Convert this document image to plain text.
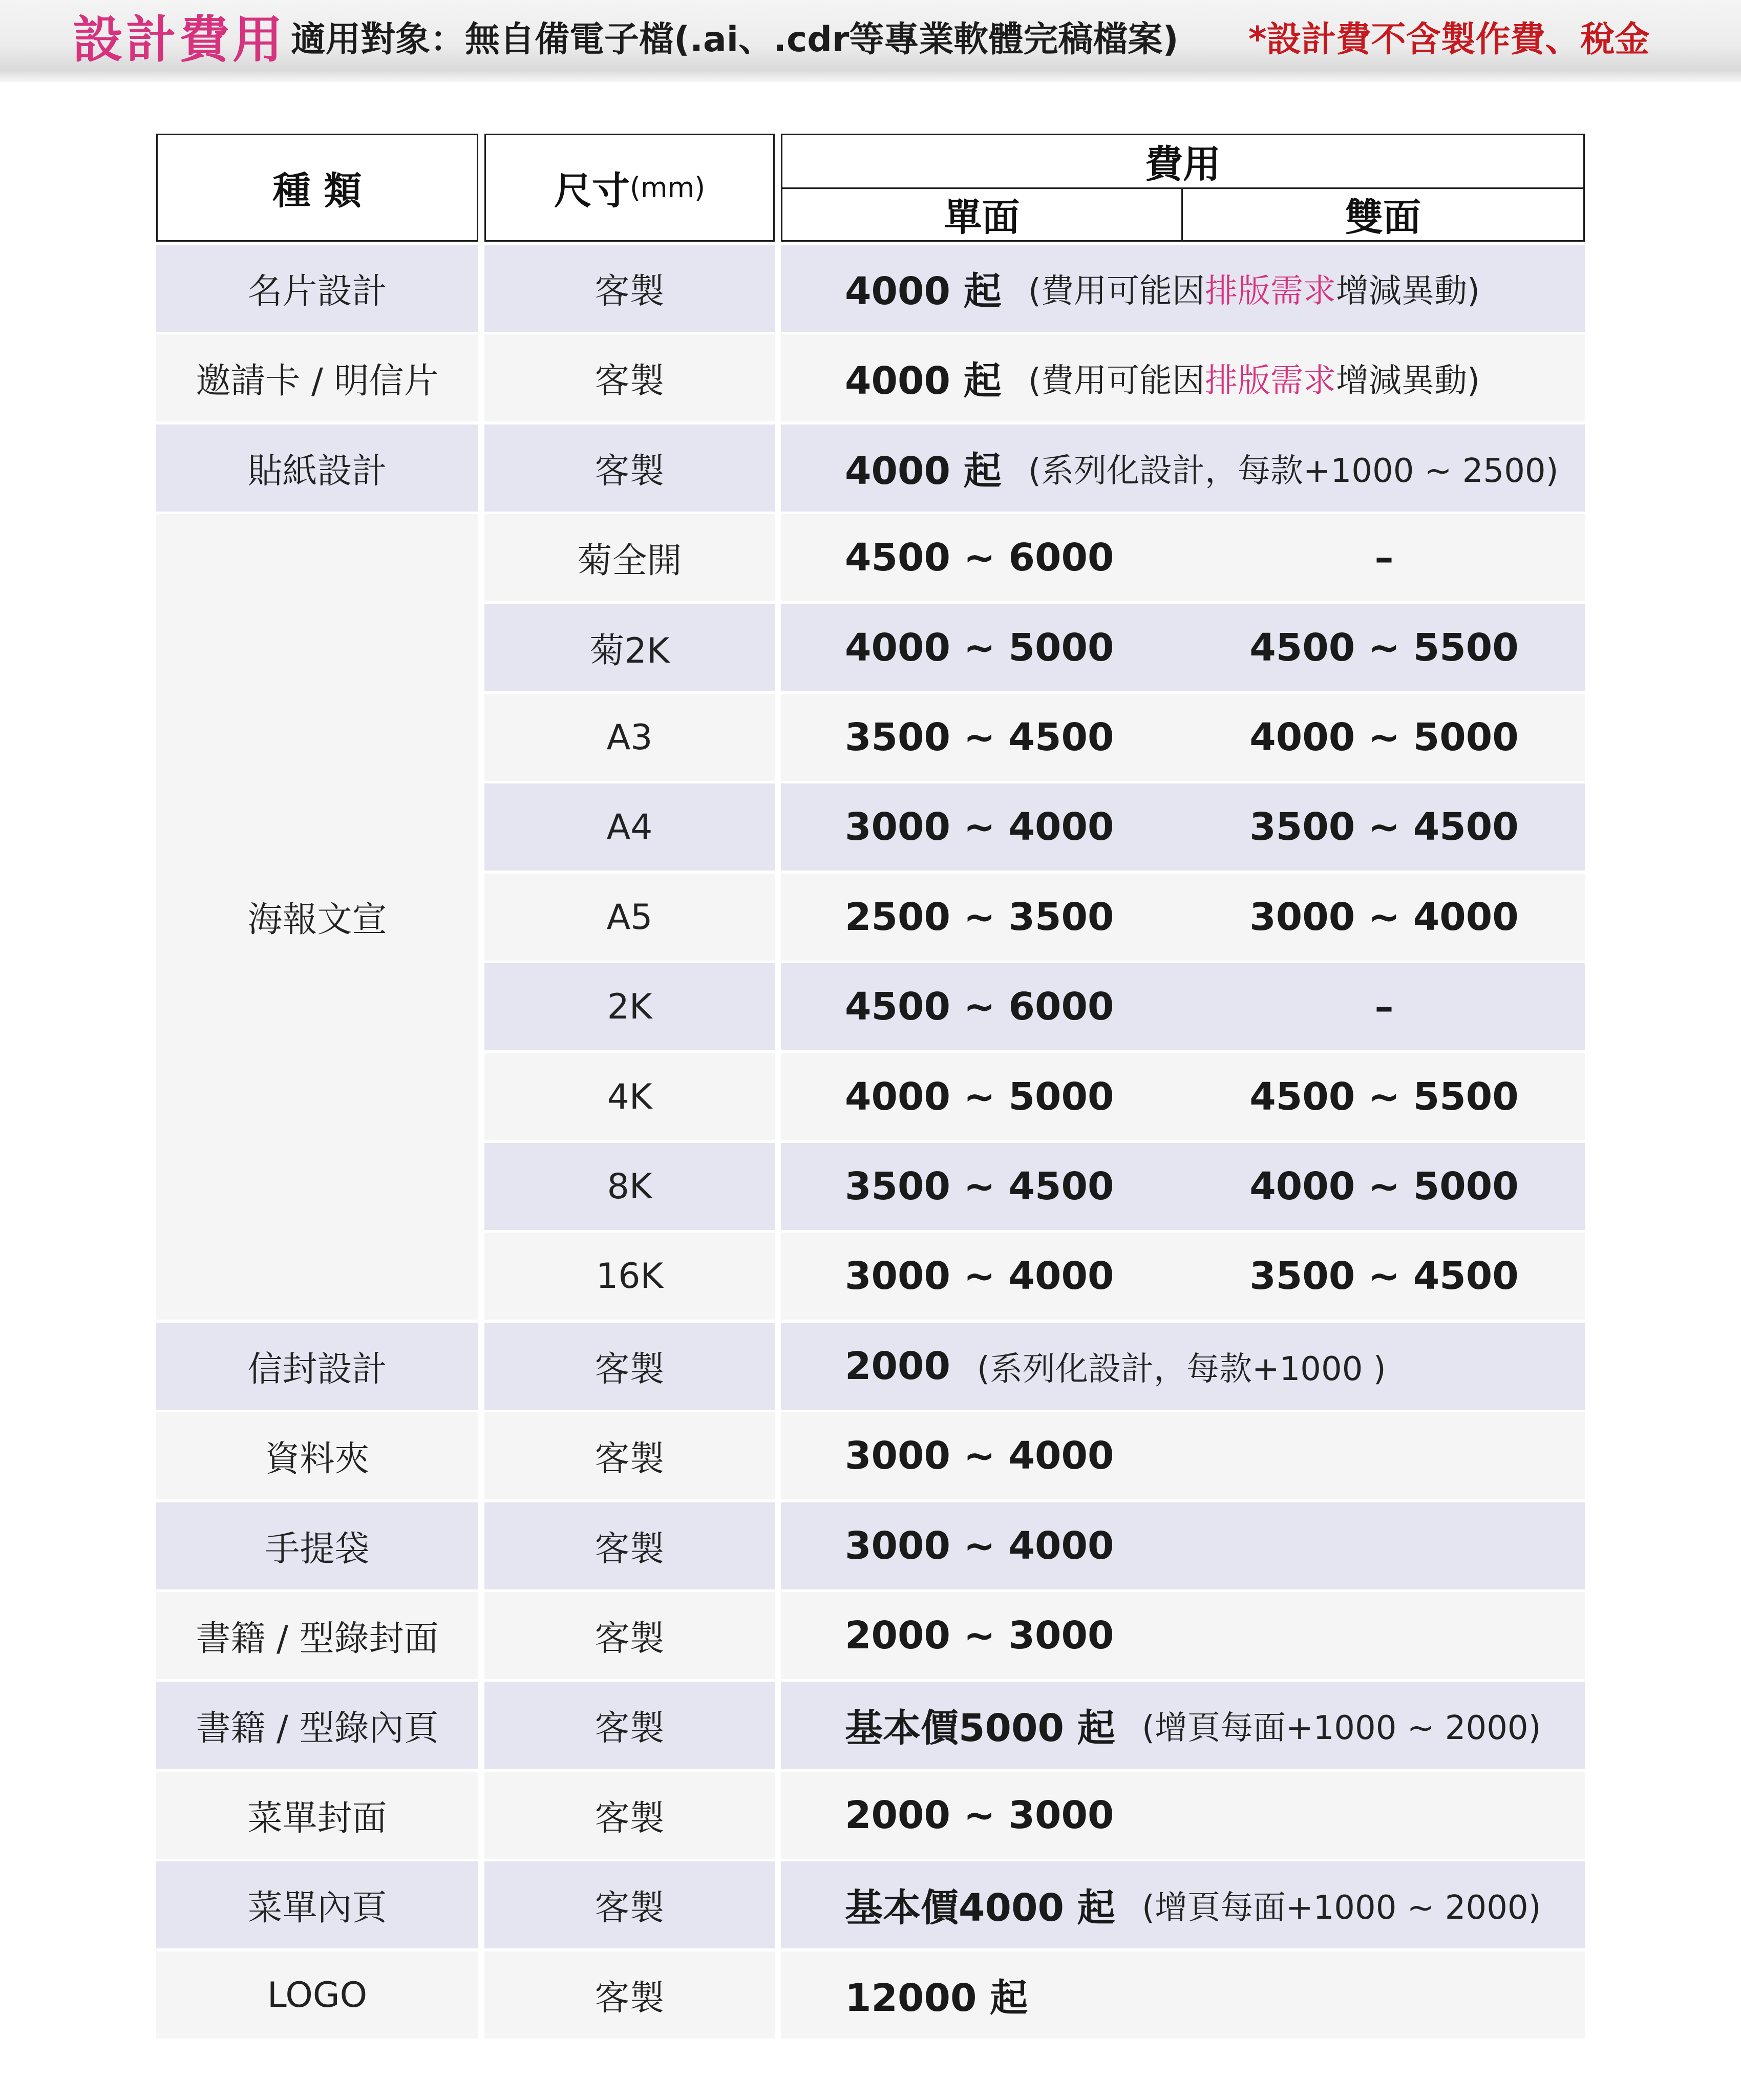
設計費用 適用對象：無自備電子檔(.ai、.cdr等專業軟體完稿檔案) *設計費不含製作費、稅金
種 類	尺寸 (mm)
費用
單面	雙面
名片設計	客製	4000 起 (費用可能因排版需求增減異動)
邀請卡 / 明信片	客製	4000 起 (費用可能因排版需求增減異動)
貼紙設計	客製	4000 起 (系列化設計，每款+1000 ~ 2500)
海報文宣
菊全開	4500 ~ 6000	–
菊2K	4000 ~ 5000	4500 ~ 5500
A3	3500 ~ 4500	4000 ~ 5000
A4	3000 ~ 4000	3500 ~ 4500
A5	2500 ~ 3500	3000 ~ 4000
2K	4500 ~ 6000	–
4K	4000 ~ 5000	4500 ~ 5500
8K	3500 ~ 4500	4000 ~ 5000
16K	3000 ~ 4000	3500 ~ 4500
信封設計	客製	2000 (系列化設計，每款+1000 )
資料夾	客製	3000 ~ 4000
手提袋	客製	3000 ~ 4000
書籍 / 型錄封面	客製	2000 ~ 3000
書籍 / 型錄內頁	客製	基本價5000 起 (增頁每面+1000 ~ 2000)
菜單封面	客製	2000 ~ 3000
菜單內頁	客製	基本價4000 起 (增頁每面+1000 ~ 2000)
LOGO	客製	12000 起
